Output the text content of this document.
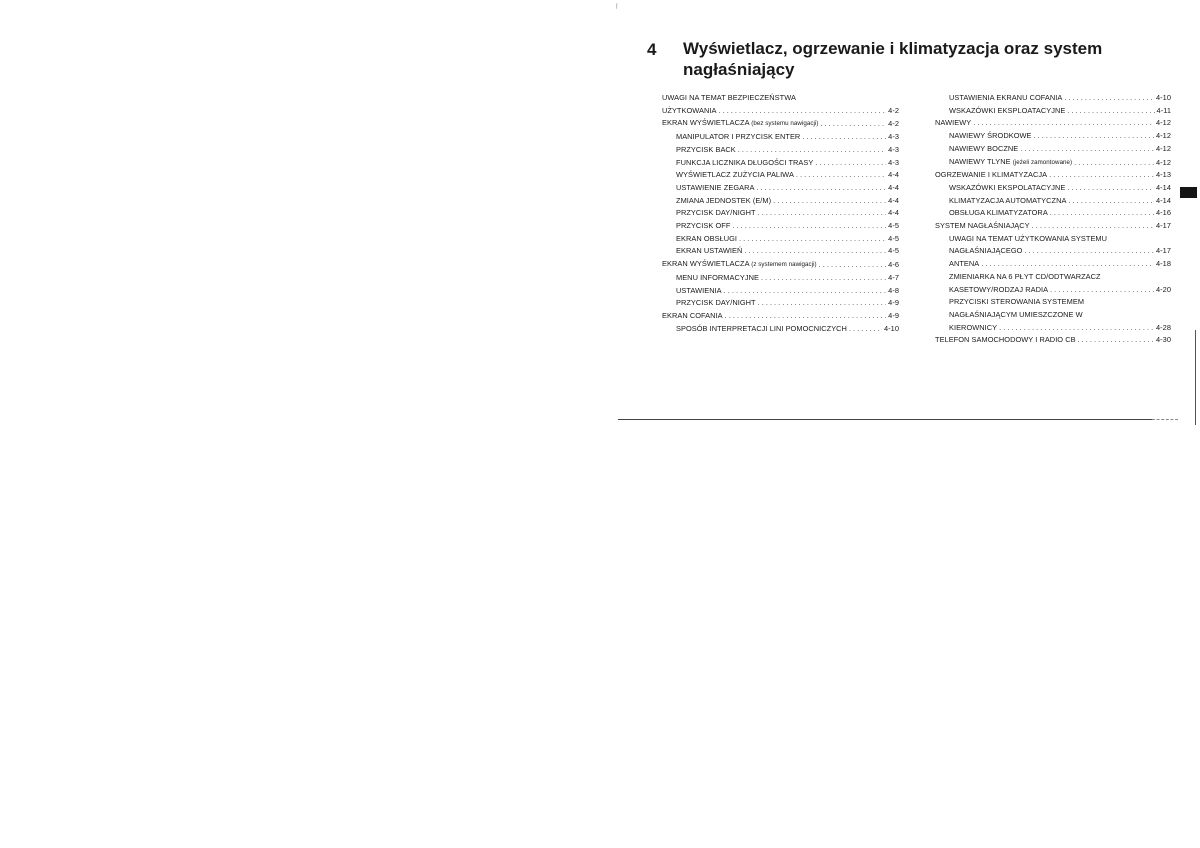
⌈
4 Wyświetlacz, ogrzewanie i klimatyzacja oraz system nagłaśniający
UWAGI NA TEMAT BEZPIECZEŃSTWA
UŻYTKOWANIA . . .	4-2
EKRAN WYŚWIETLACZA (bez systemu nawigacji) . . .	4-2
MANIPULATOR I PRZYCISK ENTER . . .	4-3
PRZYCISK BACK . . .	4-3
FUNKCJA LICZNIKA DŁUGOŚCI TRASY . . .	4-3
WYŚWIETLACZ ZUŻYCIA PALIWA . . .	4-4
USTAWIENIE ZEGARA . . .	4-4
ZMIANA JEDNOSTEK (E/M) . . .	4-4
PRZYCISK DAY/NIGHT . . .	4-4
PRZYCISK OFF . . .	4-5
EKRAN OBSŁUGI . . .	4-5
EKRAN USTAWIEŃ . . .	4-5
EKRAN WYŚWIETLACZA (z systemem nawigacji) . . .	4-6
MENU INFORMACYJNE . . .	4-7
USTAWIENIA . . .	4-8
PRZYCISK DAY/NIGHT . . .	4-9
EKRAN COFANIA . . .	4-9
SPOSÓB INTERPRETACJI LINI POMOCNICZYCH . . .	4-10
USTAWIENIA EKRANU COFANIA . . .	4-10
WSKAZÓWKI EKSPLOATACYJNE . . .	4-11
NAWIEWY . . .	4-12
NAWIEWY ŚRODKOWE . . .	4-12
NAWIEWY BOCZNE . . .	4-12
NAWIEWY TLYNE (jeżeli zamontowane) . . .	4-12
OGRZEWANIE I KLIMATYZACJA . . .	4-13
WSKAZÓWKI EKSPOLATACYJNE . . .	4-14
KLIMATYZACJA AUTOMATYCZNA . . .	4-14
OBSŁUGA KLIMATYZATORA . . .	4-16
SYSTEM NAGŁAŚNIAJĄCY . . .	4-17
UWAGI NA TEMAT UŻYTKOWANIA SYSTEMU
NAGŁAŚNIAJĄCEGO . . .	4-17
ANTENA . . .	4-18
ZMIENIARKA NA 6 PŁYT CD/ODTWARZACZ
KASETOWY/RODZAJ RADIA . . .	4-20
PRZYCISKI STEROWANIA SYSTEMEM
NAGŁAŚNIAJĄCYM UMIESZCZONE W
KIEROWNICY . . .	4-28
TELEFON SAMOCHODOWY I RADIO CB . . .	4-30
